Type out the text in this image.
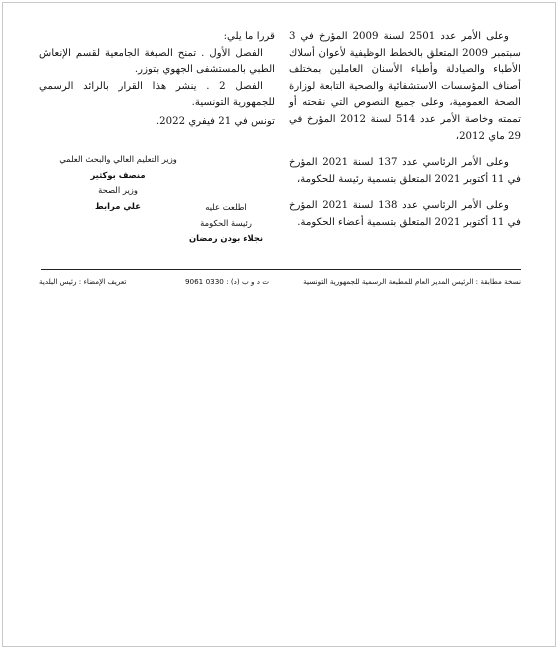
وعلى الأمر عدد 2501 لسنة 2009 المؤرخ في 3 سبتمبر 2009 المتعلق بالخطط الوظيفية لأعوان أسلاك الأطباء والصيادلة وأطباء الأسنان العاملين بمختلف أصناف المؤسسات الاستشفائية والصحية التابعة لوزارة الصحة العمومية، وعلى جميع النصوص التي نقحته أو تممته وخاصة الأمر عدد 514 لسنة 2012 المؤرخ في 29 ماي 2012،

وعلى الأمر الرئاسي عدد 137 لسنة 2021 المؤرخ في 11 أكتوبر 2021 المتعلق بتسمية رئيسة للحكومة،

وعلى الأمر الرئاسي عدد 138 لسنة 2021 المؤرخ في 11 أكتوبر 2021 المتعلق بتسمية أعضاء الحكومة.

قررا ما يلي:

الفصل الأول . تمنح الصبغة الجامعية لقسم الإنعاش الطبي بالمستشفى الجهوي بتوزر.

الفصل 2 . ينشر هذا القرار بالرائد الرسمي للجمهورية التونسية.

تونس في 21 فيفري 2022.

وزير التعليم العالي والبحث العلمي
منصف بوكثير
وزير الصحة
علي مرابط	اطلعت عليه
رئيسة الحكومة
نجلاء بودن رمضان
نسخة مطابقة : الرئيس المدير العام للمطبعة الرسمية للجمهورية التونسية
ت د و ب (د) : 0330 9061
تعريف الإمضاء : رئيس البلدية
